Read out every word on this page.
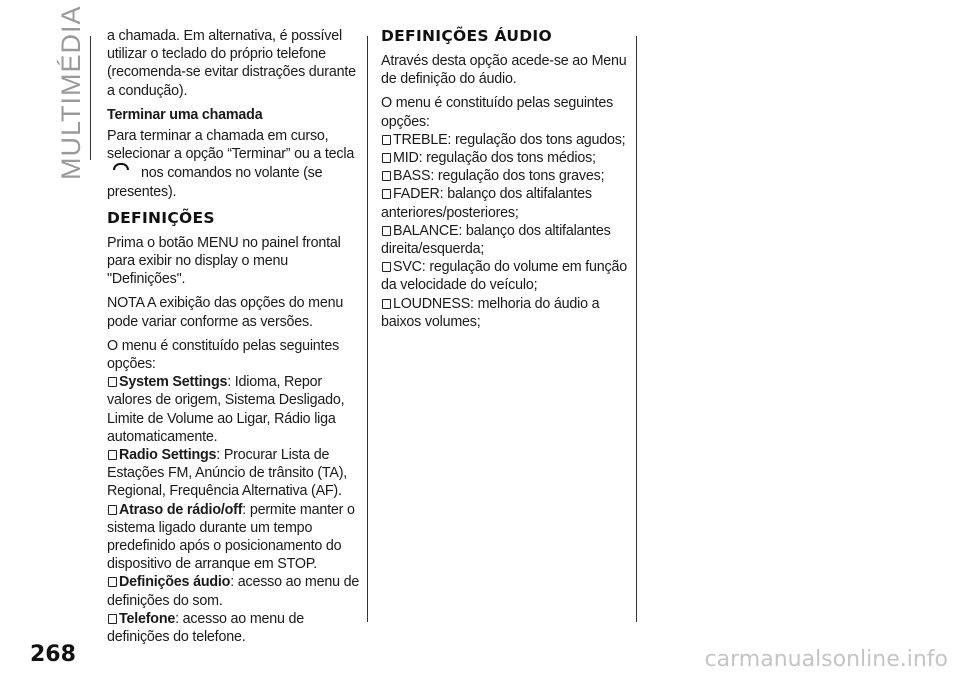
MULTIMÉDIA a chamada. Em alternativa, é possível utilizar o teclado do próprio telefone (recomenda-se evitar distrações durante a condução).

Terminar uma chamada

Para terminar a chamada em curso, selecionar a opção “Terminar” ou a teclanos comandos no volante (se presentes).

DEFINIÇÕES

Prima o botão MENU no painel frontal para exibir no display o menu "Definições".

NOTA A exibição das opções do menu pode variar conforme as versões.

O menu é constituído pelas seguintes opções:

System Settings: Idioma, Repor valores de origem, Sistema Desligado, Limite de Volume ao Ligar, Rádio liga automaticamente.

Radio Settings: Procurar Lista de Estações FM, Anúncio de trânsito (TA), Regional, Frequência Alternativa (AF).

Atraso de rádio/off: permite manter o sistema ligado durante um tempo predefinido após o posicionamento do dispositivo de arranque em STOP.

Definições áudio: acesso ao menu de definições do som.

Telefone: acesso ao menu de definições do telefone.

DEFINIÇÕES ÁUDIO

Através desta opção acede-se ao Menu de definição do áudio.

O menu é constituído pelas seguintes opções:

TREBLE: regulação dos tons agudos;

MID: regulação dos tons médios;

BASS: regulação dos tons graves;

FADER: balanço dos altifalantes anteriores/posteriores;

BALANCE: balanço dos altifalantes direita/esquerda;

SVC: regulação do volume em função da velocidade do veículo;

LOUDNESS: melhoria do áudio a baixos volumes;

268	carmanualsonline.info
